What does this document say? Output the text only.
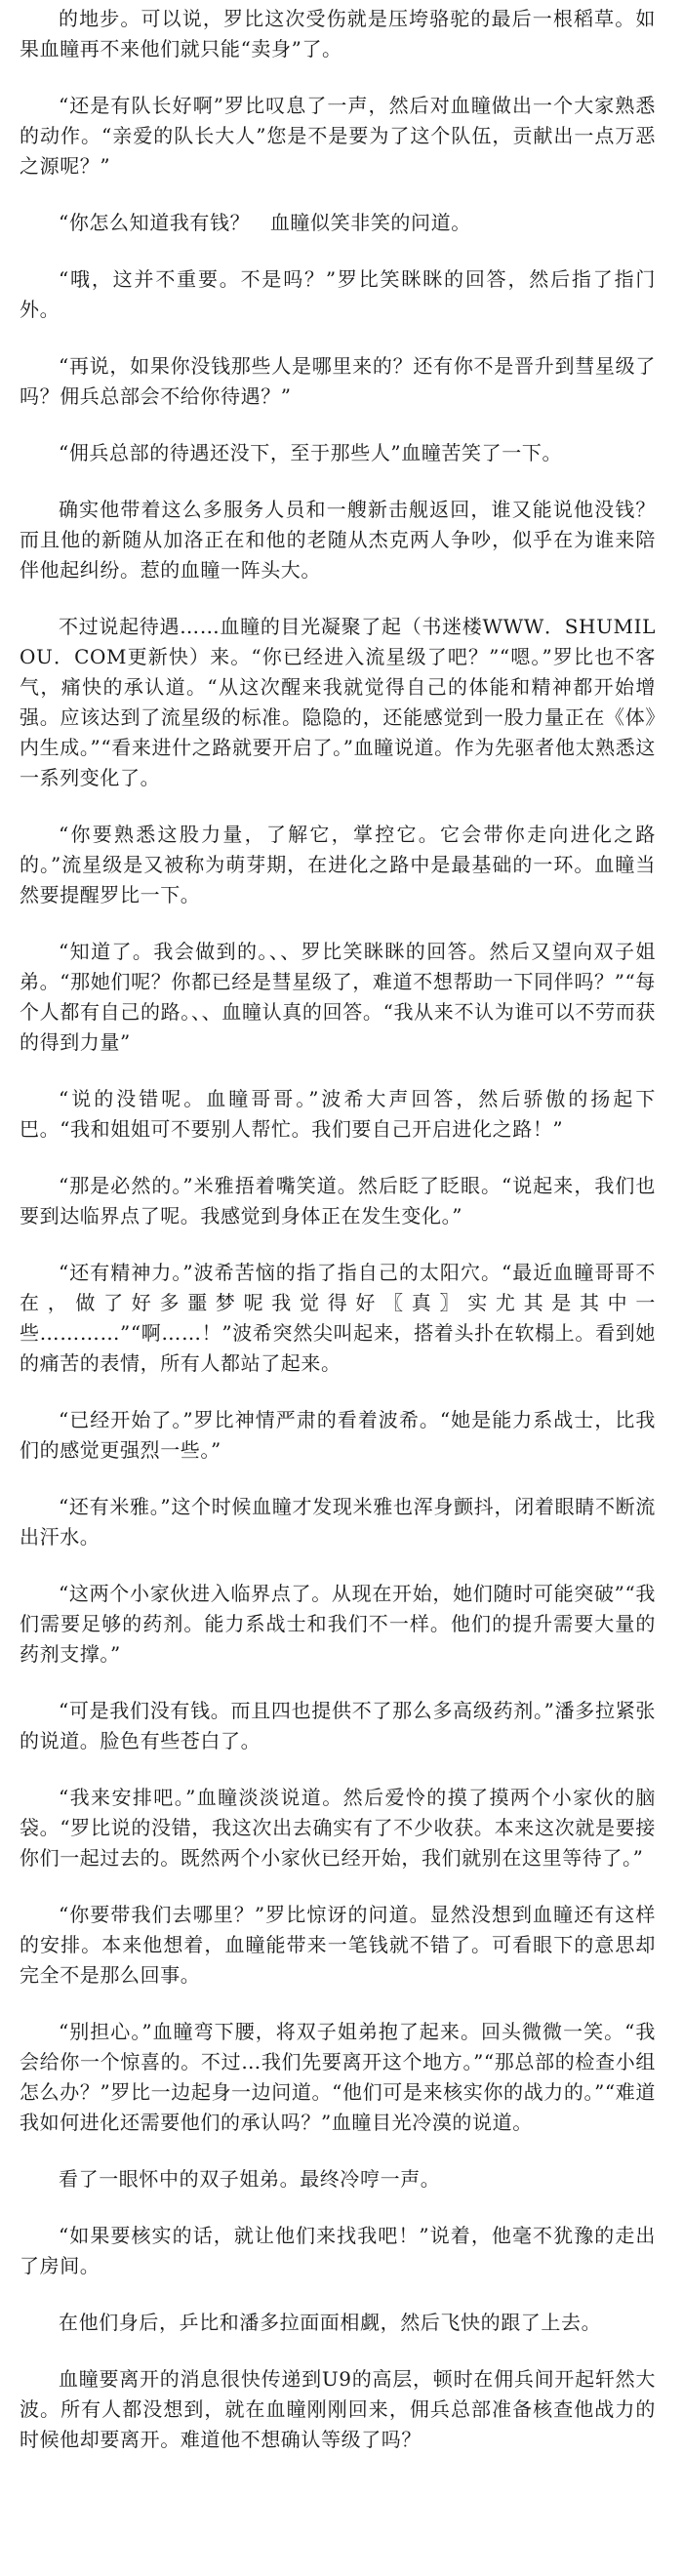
的地步。可以说，罗比这次受伤就是压垮骆驼的最后一根稻草。如果血瞳再不来他们就只能“卖身”了。

“还是有队长好啊”罗比叹息了一声，然后对血瞳做出一个大家熟悉的动作。“亲爱的队长大人”您是不是要为了这个队伍，贡献出一点万恶之源呢？”

“你怎么知道我有钱？　血瞳似笑非笑的问道。

“哦，这并不重要。不是吗？”罗比笑眯眯的回答，然后指了指门外。

“再说，如果你没钱那些人是哪里来的？还有你不是晋升到彗星级了吗？佣兵总部会不给你待遇？”

“佣兵总部的待遇还没下，至于那些人”血瞳苦笑了一下。

确实他带着这么多服务人员和一艘新击舰返回，谁又能说他没钱？而且他的新随从加洛正在和他的老随从杰克两人争吵，似乎在为谁来陪伴他起纠纷。惹的血瞳一阵头大。

不过说起待遇……血瞳的目光凝聚了起（书迷楼WWW．SHUMILOU．COM更新快）来。“你已经进入流星级了吧？”“嗯。”罗比也不客气，痛快的承认道。“从这次醒来我就觉得自己的体能和精神都开始增强。应该达到了流星级的标准。隐隐的，还能感觉到一股力量正在《体》内生成。”“看来进什之路就要开启了。”血瞳说道。作为先驱者他太熟悉这一系列变化了。

“你要熟悉这股力量，了解它，掌控它。它会带你走向进化之路的。”流星级是又被称为萌芽期，在进化之路中是最基础的一环。血瞳当然要提醒罗比一下。

“知道了。我会做到的。、、罗比笑眯眯的回答。然后又望向双子姐弟。“那她们呢？你都已经是彗星级了，难道不想帮助一下同伴吗？”“每个人都有自己的路。、、血瞳认真的回答。“我从来不认为谁可以不劳而获的得到力量”

“说的没错呢。血瞳哥哥。”波希大声回答，然后骄傲的扬起下巴。“我和姐姐可不要别人帮忙。我们要自己开启进化之路！”

“那是必然的。”米雅捂着嘴笑道。然后眨了眨眼。“说起来，我们也要到达临界点了呢。我感觉到身体正在发生变化。”

“还有精神力。”波希苦恼的指了指自己的太阳穴。“最近血瞳哥哥不在，做了好多噩梦呢我觉得好〖真〗实尤其是其中一些…………”“啊……！”波希突然尖叫起来，搭着头扑在软榻上。看到她的痛苦的表情，所有人都站了起来。

“已经开始了。”罗比神情严肃的看着波希。“她是能力系战士，比我们的感觉更强烈一些。”

“还有米雅。”这个时候血瞳才发现米雅也浑身颤抖，闭着眼睛不断流出汗水。

“这两个小家伙进入临界点了。从现在开始，她们随时可能突破”“我们需要足够的药剂。能力系战士和我们不一样。他们的提升需要大量的药剂支撑。”

“可是我们没有钱。而且四也提供不了那么多高级药剂。”潘多拉紧张的说道。脸色有些苍白了。

“我来安排吧。”血瞳淡淡说道。然后爱怜的摸了摸两个小家伙的脑袋。“罗比说的没错，我这次出去确实有了不少收获。本来这次就是要接你们一起过去的。既然两个小家伙已经开始，我们就别在这里等待了。”

“你要带我们去哪里？”罗比惊讶的问道。显然没想到血瞳还有这样的安排。本来他想着，血瞳能带来一笔钱就不错了。可看眼下的意思却完全不是那么回事。

“别担心。”血瞳弯下腰，将双子姐弟抱了起来。回头微微一笑。“我会给你一个惊喜的。不过…我们先要离开这个地方。”“那总部的检查小组怎么办？”罗比一边起身一边问道。“他们可是来核实你的战力的。”“难道我如何进化还需要他们的承认吗？”血瞳目光冷漠的说道。

看了一眼怀中的双子姐弟。最终冷哼一声。

“如果要核实的话，就让他们来找我吧！”说着，他毫不犹豫的走出了房间。

在他们身后，乒比和潘多拉面面相觑，然后飞快的跟了上去。

血瞳要离开的消息很快传递到U9的高层，顿时在佣兵间开起轩然大波。所有人都没想到，就在血瞳刚刚回来，佣兵总部准备核查他战力的时候他却要离开。难道他不想确认等级了吗？
